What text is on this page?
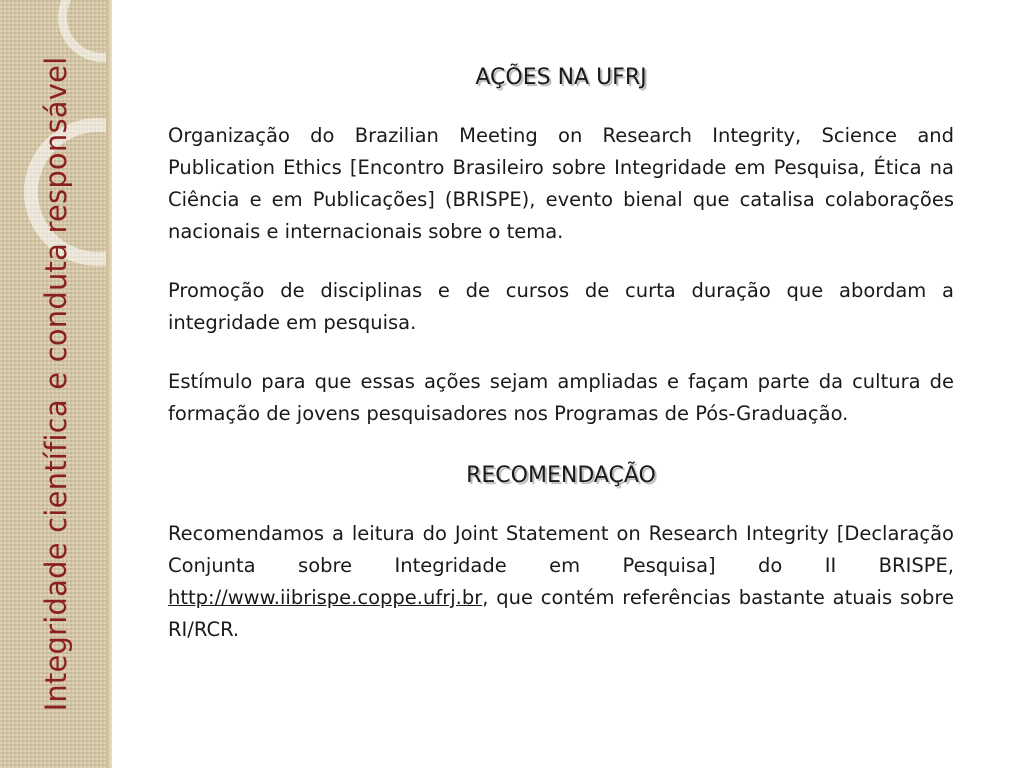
Integridade científica e conduta responsável	AÇÕES NA UFRJ

Organização do Brazilian Meeting on Research Integrity, Science and Publication Ethics [Encontro Brasileiro sobre Integridade em Pesquisa, Ética na Ciência e em Publicações] (BRISPE), evento bienal que catalisa colaborações nacionais e internacionais sobre o tema.

Promoção de disciplinas e de cursos de curta duração que abordam a integridade em pesquisa.

Estímulo para que essas ações sejam ampliadas e façam parte da cultura de formação de jovens pesquisadores nos Programas de Pós-Graduação.

RECOMENDAÇÃO

Recomendamos a leitura do Joint Statement on Research Integrity [Declaração Conjunta sobre Integridade em Pesquisa] do II BRISPE, http://www.iibrispe.coppe.ufrj.br, que contém referências bastante atuais sobre RI/RCR.
